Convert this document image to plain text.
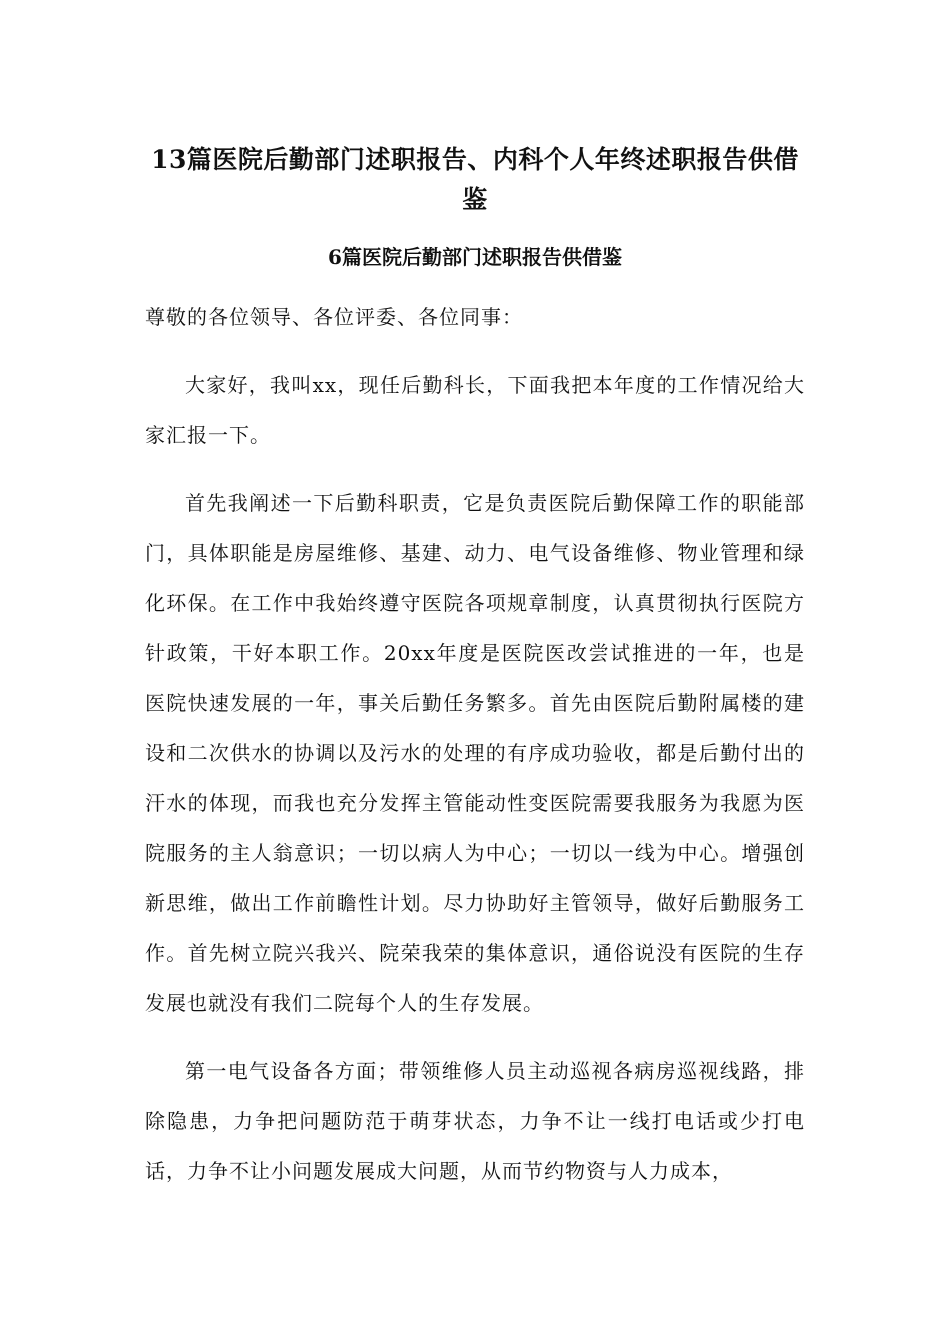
13篇医院后勤部门述职报告、内科个人年终述职报告供借鉴
6篇医院后勤部门述职报告供借鉴

尊敬的各位领导、各位评委、各位同事：

大家好，我叫xx，现任后勤科长，下面我把本年度的工作情况给大家汇报一下。

首先我阐述一下后勤科职责，它是负责医院后勤保障工作的职能部门，具体职能是房屋维修、基建、动力、电气设备维修、物业管理和绿化环保。在工作中我始终遵守医院各项规章制度，认真贯彻执行医院方针政策，干好本职工作。20xx年度是医院医改尝试推进的一年，也是医院快速发展的一年，事关后勤任务繁多。首先由医院后勤附属楼的建设和二次供水的协调以及污水的处理的有序成功验收，都是后勤付出的汗水的体现，而我也充分发挥主管能动性变医院需要我服务为我愿为医院服务的主人翁意识；一切以病人为中心；一切以一线为中心。增强创新思维，做出工作前瞻性计划。尽力协助好主管领导，做好后勤服务工作。首先树立院兴我兴、院荣我荣的集体意识，通俗说没有医院的生存发展也就没有我们二院每个人的生存发展。

第一电气设备各方面；带领维修人员主动巡视各病房巡视线路，排除隐患，力争把问题防范于萌芽状态，力争不让一线打电话或少打电话，力争不让小问题发展成大问题，从而节约物资与人力成本，
